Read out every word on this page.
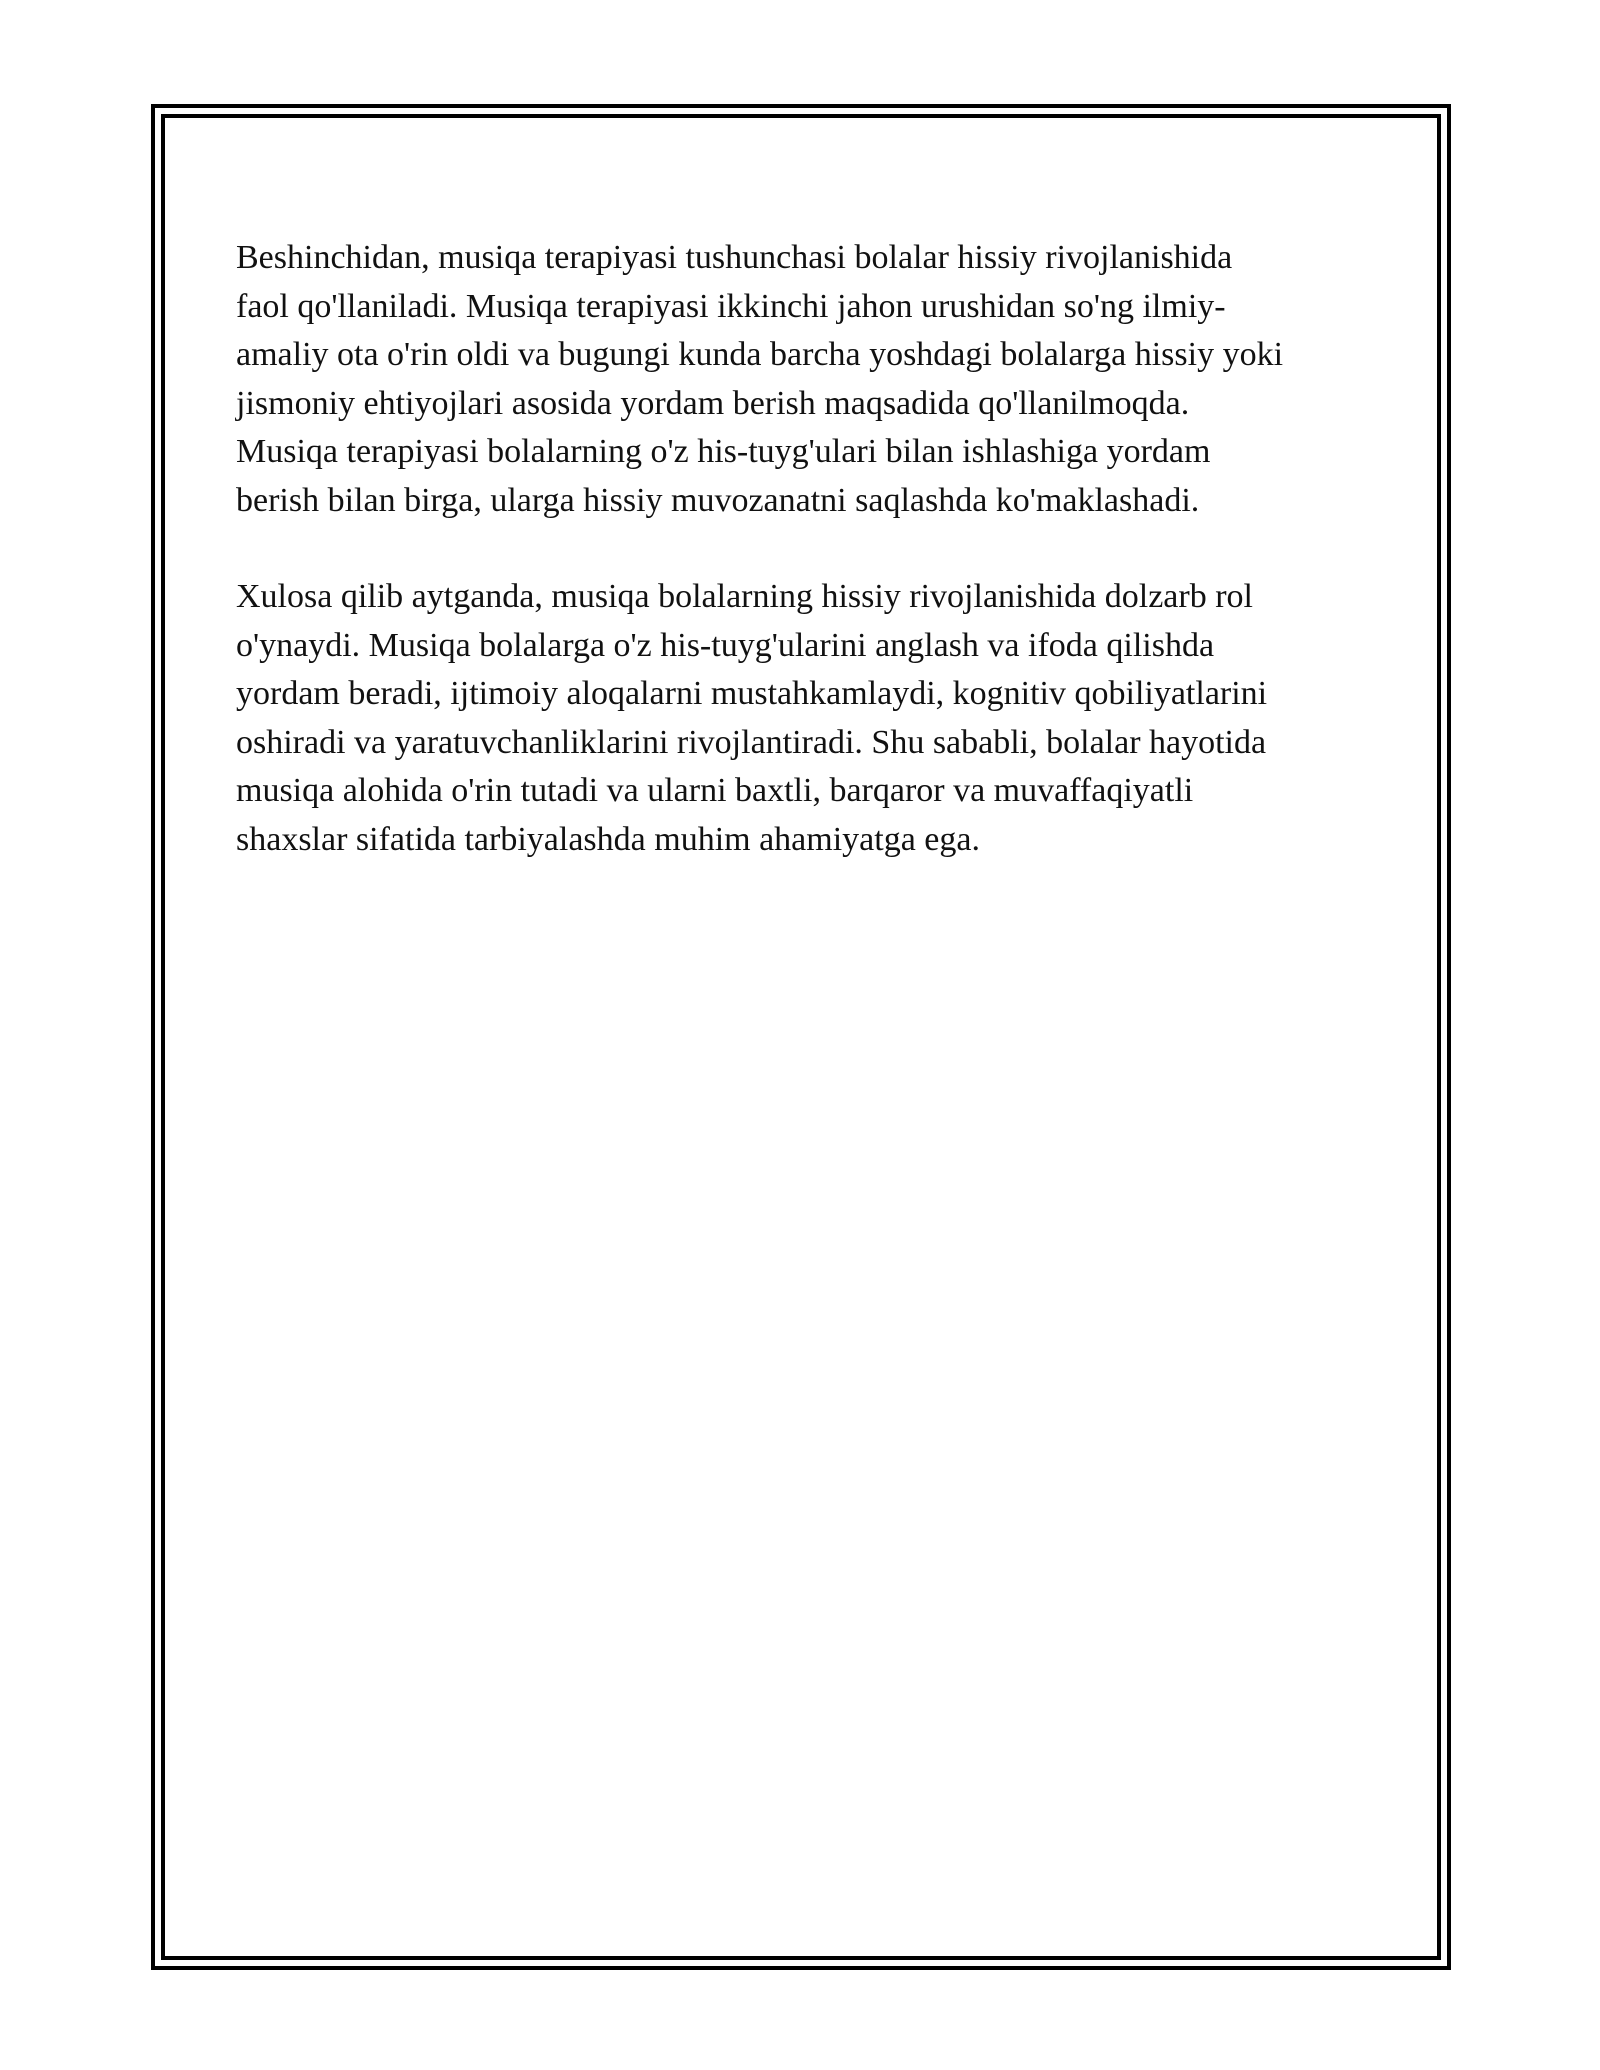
Beshinchidan, musiqa terapiyasi tushunchasi bolalar hissiy rivojlanishida
faol qo'llaniladi. Musiqa terapiyasi ikkinchi jahon urushidan so'ng ilmiy-
amaliy ota o'rin oldi va bugungi kunda barcha yoshdagi bolalarga hissiy yoki
jismoniy ehtiyojlari asosida yordam berish maqsadida qo'llanilmoqda.
Musiqa terapiyasi bolalarning o'z his-tuyg'ulari bilan ishlashiga yordam
berish bilan birga, ularga hissiy muvozanatni saqlashda ko'maklashadi.

Xulosa qilib aytganda, musiqa bolalarning hissiy rivojlanishida dolzarb rol
o'ynaydi. Musiqa bolalarga o'z his-tuyg'ularini anglash va ifoda qilishda
yordam beradi, ijtimoiy aloqalarni mustahkamlaydi, kognitiv qobiliyatlarini
oshiradi va yaratuvchanliklarini rivojlantiradi. Shu sababli, bolalar hayotida
musiqa alohida o'rin tutadi va ularni baxtli, barqaror va muvaffaqiyatli
shaxslar sifatida tarbiyalashda muhim ahamiyatga ega.
